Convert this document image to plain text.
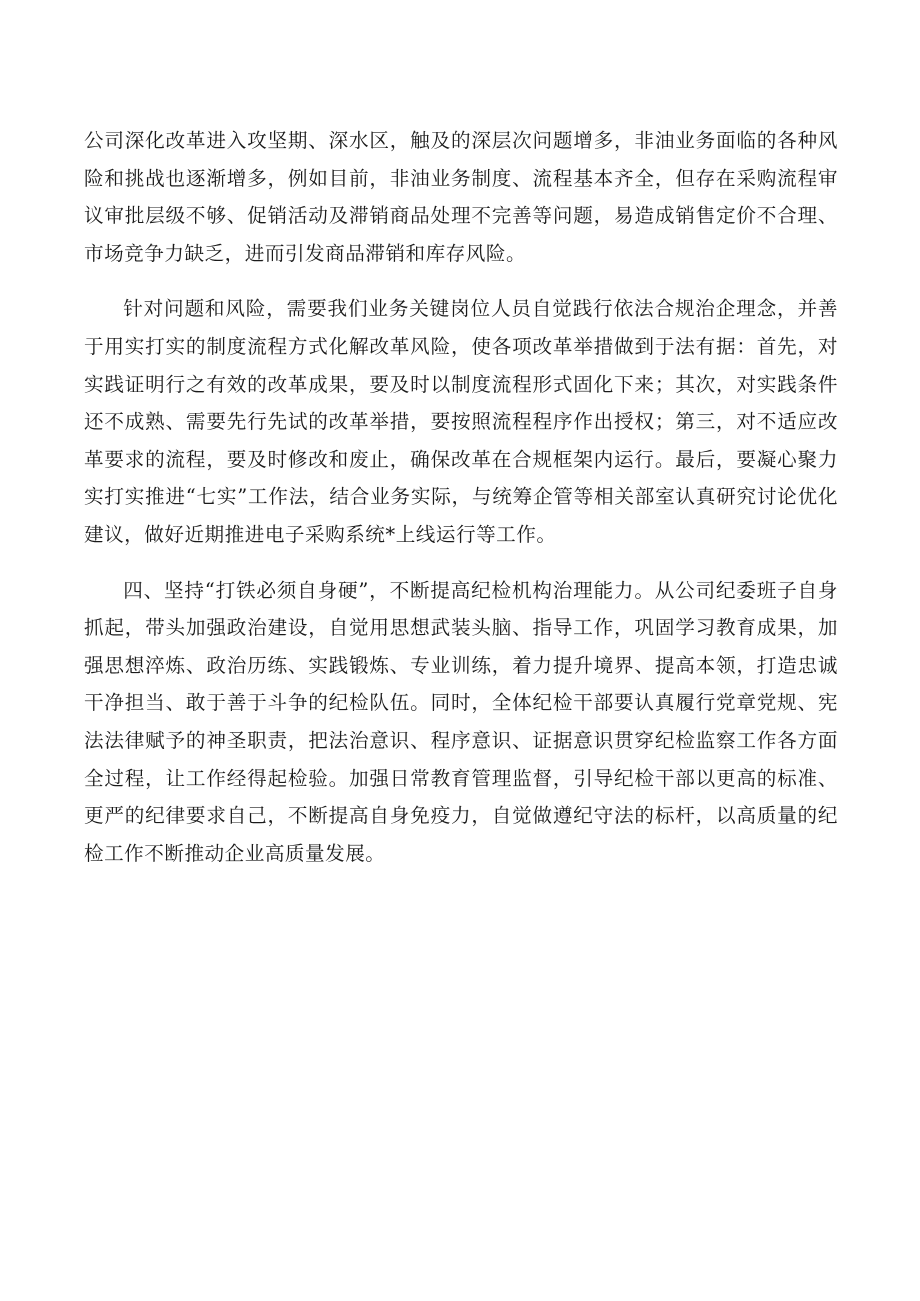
公司深化改革进入攻坚期、深水区，触及的深层次问题增多，非油业务面临的各种风险和挑战也逐渐增多，例如目前，非油业务制度、流程基本齐全，但存在采购流程审议审批层级不够、促销活动及滞销商品处理不完善等问题，易造成销售定价不合理、市场竞争力缺乏，进而引发商品滞销和库存风险。

针对问题和风险，需要我们业务关键岗位人员自觉践行依法合规治企理念，并善于用实打实的制度流程方式化解改革风险，使各项改革举措做到于法有据：首先，对实践证明行之有效的改革成果，要及时以制度流程形式固化下来；其次，对实践条件还不成熟、需要先行先试的改革举措，要按照流程程序作出授权；第三，对不适应改革要求的流程，要及时修改和废止，确保改革在合规框架内运行。最后，要凝心聚力实打实推进“七实”工作法，结合业务实际，与统筹企管等相关部室认真研究讨论优化建议，做好近期推进电子采购系统*上线运行等工作。

四、坚持“打铁必须自身硬”，不断提高纪检机构治理能力。从公司纪委班子自身抓起，带头加强政治建设，自觉用思想武装头脑、指导工作，巩固学习教育成果，加强思想淬炼、政治历练、实践锻炼、专业训练，着力提升境界、提高本领，打造忠诚干净担当、敢于善于斗争的纪检队伍。同时，全体纪检干部要认真履行党章党规、宪法法律赋予的神圣职责，把法治意识、程序意识、证据意识贯穿纪检监察工作各方面全过程，让工作经得起检验。加强日常教育管理监督，引导纪检干部以更高的标准、更严的纪律要求自己，不断提高自身免疫力，自觉做遵纪守法的标杆，以高质量的纪检工作不断推动企业高质量发展。
